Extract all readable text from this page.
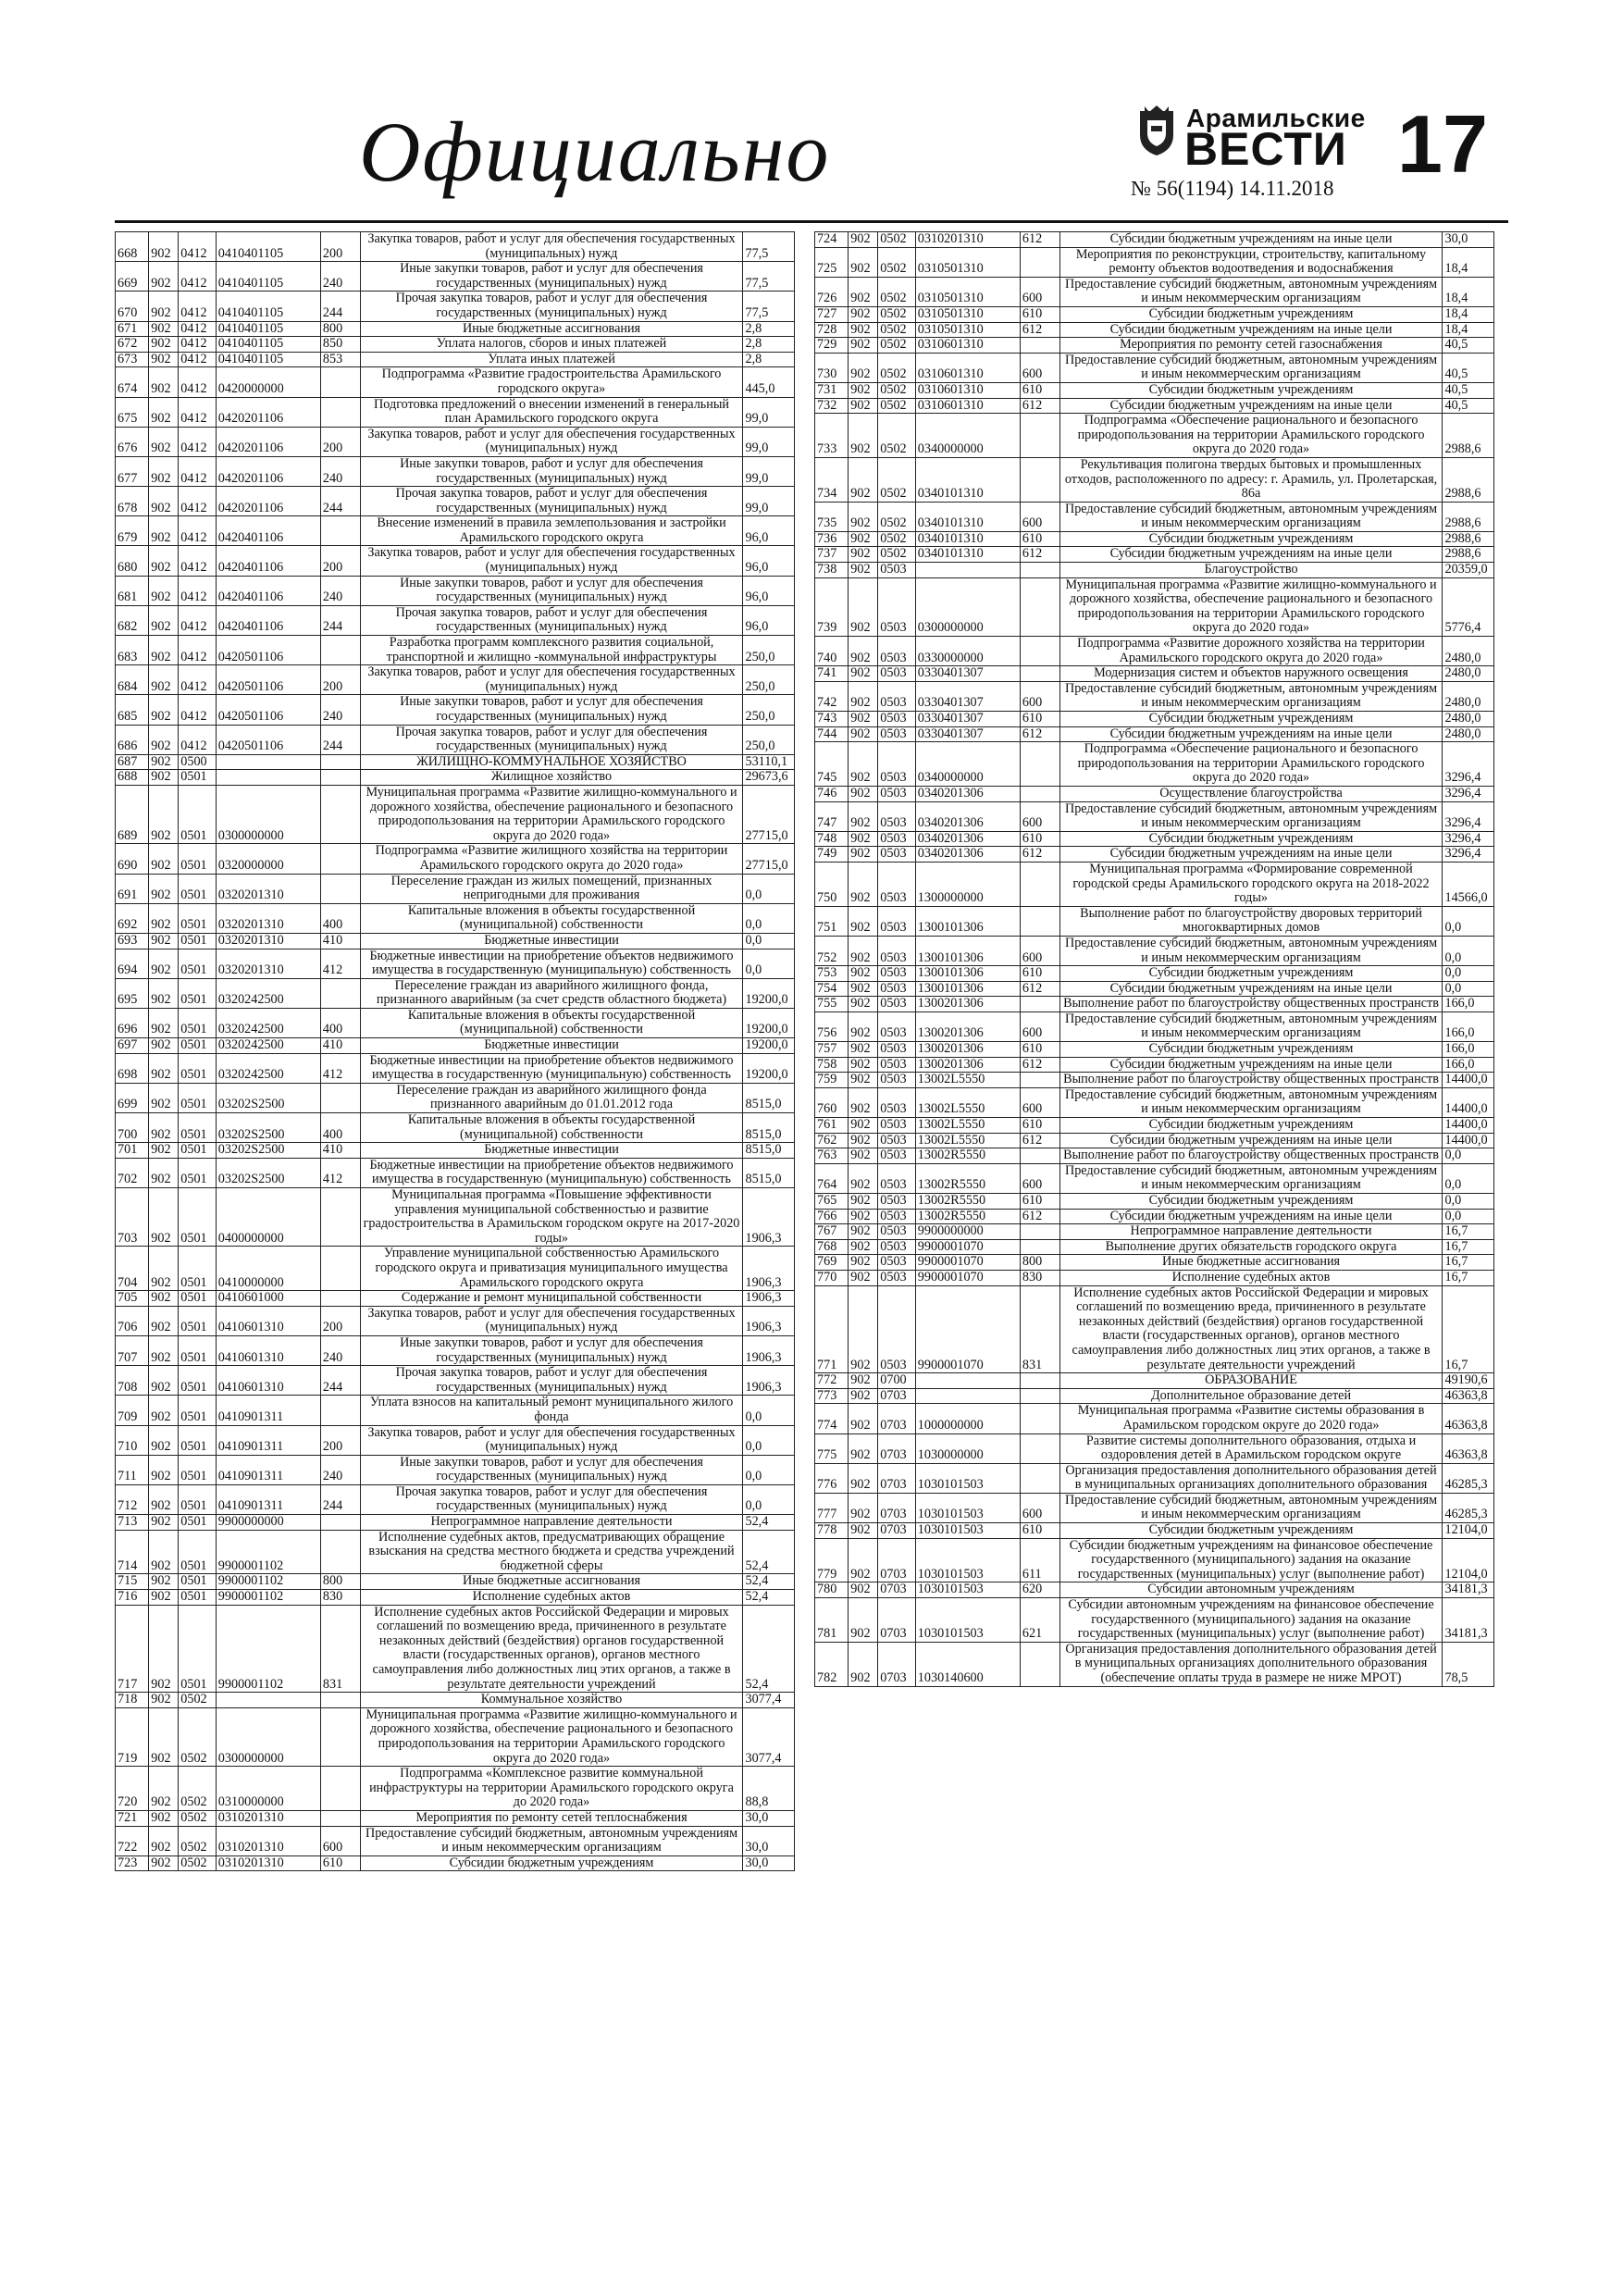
Официально	Арамильские
ВЕСТИ 17
№ 56(1194) 14.11.2018
668	902	0412	0410401105	200	Закупка товаров, работ и услуг для обеспечения государственных (муниципальных) нужд	77,5
669	902	0412	0410401105	240	Иные закупки товаров, работ и услуг для обеспечения государственных (муниципальных) нужд	77,5
670	902	0412	0410401105	244	Прочая закупка товаров, работ и услуг для обеспечения государственных (муниципальных) нужд	77,5
671	902	0412	0410401105	800	Иные бюджетные ассигнования	2,8
672	902	0412	0410401105	850	Уплата налогов, сборов и иных платежей	2,8
673	902	0412	0410401105	853	Уплата иных платежей	2,8
674	902	0412	0420000000		Подпрограмма «Развитие градостроительства Арамильского городского округа»	445,0
675	902	0412	0420201106		Подготовка предложений о внесении изменений в генеральный план Арамильского городского округа	99,0
676	902	0412	0420201106	200	Закупка товаров, работ и услуг для обеспечения государственных (муниципальных) нужд	99,0
677	902	0412	0420201106	240	Иные закупки товаров, работ и услуг для обеспечения государственных (муниципальных) нужд	99,0
678	902	0412	0420201106	244	Прочая закупка товаров, работ и услуг для обеспечения государственных (муниципальных) нужд	99,0
679	902	0412	0420401106		Внесение изменений в правила землепользования и застройки Арамильского городского округа	96,0
680	902	0412	0420401106	200	Закупка товаров, работ и услуг для обеспечения государственных (муниципальных) нужд	96,0
681	902	0412	0420401106	240	Иные закупки товаров, работ и услуг для обеспечения государственных (муниципальных) нужд	96,0
682	902	0412	0420401106	244	Прочая закупка товаров, работ и услуг для обеспечения государственных (муниципальных) нужд	96,0
683	902	0412	0420501106		Разработка программ комплексного развития социальной, транспортной и жилищно -коммунальной инфраструктуры	250,0
684	902	0412	0420501106	200	Закупка товаров, работ и услуг для обеспечения государственных (муниципальных) нужд	250,0
685	902	0412	0420501106	240	Иные закупки товаров, работ и услуг для обеспечения государственных (муниципальных) нужд	250,0
686	902	0412	0420501106	244	Прочая закупка товаров, работ и услуг для обеспечения государственных (муниципальных) нужд	250,0
687	902	0500			ЖИЛИЩНО-КОММУНАЛЬНОЕ ХОЗЯЙСТВО	53110,1
688	902	0501			Жилищное хозяйство	29673,6
689	902	0501	0300000000		Муниципальная программа «Развитие жилищно-коммунального и дорожного хозяйства, обеспечение рационального и безопасного природопользования на территории Арамильского городского округа до 2020 года»	27715,0
690	902	0501	0320000000		Подпрограмма «Развитие жилищного хозяйства на территории Арамильского городского округа до 2020 года»	27715,0
691	902	0501	0320201310		Переселение граждан из жилых помещений, признанных непригодными для проживания	0,0
692	902	0501	0320201310	400	Капитальные вложения в объекты государственной (муниципальной) собственности	0,0
693	902	0501	0320201310	410	Бюджетные инвестиции	0,0
694	902	0501	0320201310	412	Бюджетные инвестиции на приобретение объектов недвижимого имущества в государственную (муниципальную) собственность	0,0
695	902	0501	0320242500		Переселение граждан из аварийного жилищного фонда, признанного аварийным (за счет средств областного бюджета)	19200,0
696	902	0501	0320242500	400	Капитальные вложения в объекты государственной (муниципальной) собственности	19200,0
697	902	0501	0320242500	410	Бюджетные инвестиции	19200,0
698	902	0501	0320242500	412	Бюджетные инвестиции на приобретение объектов недвижимого имущества в государственную (муниципальную) собственность	19200,0
699	902	0501	03202S2500		Переселение граждан из аварийного жилищного фонда признанного аварийным до 01.01.2012 года	8515,0
700	902	0501	03202S2500	400	Капитальные вложения в объекты государственной (муниципальной) собственности	8515,0
701	902	0501	03202S2500	410	Бюджетные инвестиции	8515,0
702	902	0501	03202S2500	412	Бюджетные инвестиции на приобретение объектов недвижимого имущества в государственную (муниципальную) собственность	8515,0
703	902	0501	0400000000		Муниципальная программа «Повышение эффективности управления муниципальной собственностью и развитие градостроительства в Арамильском городском округе на 2017-2020 годы»	1906,3
704	902	0501	0410000000		Управление муниципальной собственностью Арамильского городского округа и приватизация муниципального имущества Арамильского городского округа	1906,3
705	902	0501	0410601000		Содержание и ремонт муниципальной собственности	1906,3
706	902	0501	0410601310	200	Закупка товаров, работ и услуг для обеспечения государственных (муниципальных) нужд	1906,3
707	902	0501	0410601310	240	Иные закупки товаров, работ и услуг для обеспечения государственных (муниципальных) нужд	1906,3
708	902	0501	0410601310	244	Прочая закупка товаров, работ и услуг для обеспечения государственных (муниципальных) нужд	1906,3
709	902	0501	0410901311		Уплата взносов на капитальный ремонт муниципального жилого фонда	0,0
710	902	0501	0410901311	200	Закупка товаров, работ и услуг для обеспечения государственных (муниципальных) нужд	0,0
711	902	0501	0410901311	240	Иные закупки товаров, работ и услуг для обеспечения государственных (муниципальных) нужд	0,0
712	902	0501	0410901311	244	Прочая закупка товаров, работ и услуг для обеспечения государственных (муниципальных) нужд	0,0
713	902	0501	9900000000		Непрограммное направление деятельности	52,4
714	902	0501	9900001102		Исполнение судебных актов, предусматривающих обращение взыскания на средства местного бюджета и средства учреждений бюджетной сферы	52,4
715	902	0501	9900001102	800	Иные бюджетные ассигнования	52,4
716	902	0501	9900001102	830	Исполнение судебных актов	52,4
717	902	0501	9900001102	831	Исполнение судебных актов Российской Федерации и мировых соглашений по возмещению вреда, причиненного в результате незаконных действий (бездействия) органов государственной власти (государственных органов), органов местного самоуправления либо должностных лиц этих органов, а также в результате деятельности учреждений	52,4
718	902	0502			Коммунальное хозяйство	3077,4
719	902	0502	0300000000		Муниципальная программа «Развитие жилищно-коммунального и дорожного хозяйства, обеспечение рационального и безопасного природопользования на территории Арамильского городского округа до 2020 года»	3077,4
720	902	0502	0310000000		Подпрограмма «Комплексное развитие коммунальной инфраструктуры на территории Арамильского городского округа до 2020 года»	88,8
721	902	0502	0310201310		Мероприятия по ремонту сетей теплоснабжения	30,0
722	902	0502	0310201310	600	Предоставление субсидий бюджетным, автономным учреждениям и иным некоммерческим организациям	30,0
723	902	0502	0310201310	610	Субсидии бюджетным учреждениям	30,0
724	902	0502	0310201310	612	Субсидии бюджетным учреждениям на иные цели	30,0
725	902	0502	0310501310		Мероприятия по реконструкции, строительству, капитальному ремонту объектов водоотведения и водоснабжения	18,4
726	902	0502	0310501310	600	Предоставление субсидий бюджетным, автономным учреждениям и иным некоммерческим организациям	18,4
727	902	0502	0310501310	610	Субсидии бюджетным учреждениям	18,4
728	902	0502	0310501310	612	Субсидии бюджетным учреждениям на иные цели	18,4
729	902	0502	0310601310		Мероприятия по ремонту сетей газоснабжения	40,5
730	902	0502	0310601310	600	Предоставление субсидий бюджетным, автономным учреждениям и иным некоммерческим организациям	40,5
731	902	0502	0310601310	610	Субсидии бюджетным учреждениям	40,5
732	902	0502	0310601310	612	Субсидии бюджетным учреждениям на иные цели	40,5
733	902	0502	0340000000		Подпрограмма «Обеспечение рационального и безопасного природопользования на территории Арамильского городского округа до 2020 года»	2988,6
734	902	0502	0340101310		Рекультивация полигона твердых бытовых и промышленных отходов, расположенного по адресу: г. Арамиль, ул. Пролетарская, 86а	2988,6
735	902	0502	0340101310	600	Предоставление субсидий бюджетным, автономным учреждениям и иным некоммерческим организациям	2988,6
736	902	0502	0340101310	610	Субсидии бюджетным учреждениям	2988,6
737	902	0502	0340101310	612	Субсидии бюджетным учреждениям на иные цели	2988,6
738	902	0503			Благоустройство	20359,0
739	902	0503	0300000000		Муниципальная программа «Развитие жилищно-коммунального и дорожного хозяйства, обеспечение рационального и безопасного природопользования на территории Арамильского городского округа до 2020 года»	5776,4
740	902	0503	0330000000		Подпрограмма «Развитие дорожного хозяйства на территории Арамильского городского округа до 2020 года»	2480,0
741	902	0503	0330401307		Модернизация систем и объектов наружного освещения	2480,0
742	902	0503	0330401307	600	Предоставление субсидий бюджетным, автономным учреждениям и иным некоммерческим организациям	2480,0
743	902	0503	0330401307	610	Субсидии бюджетным учреждениям	2480,0
744	902	0503	0330401307	612	Субсидии бюджетным учреждениям на иные цели	2480,0
745	902	0503	0340000000		Подпрограмма «Обеспечение рационального и безопасного природопользования на территории Арамильского городского округа до 2020 года»	3296,4
746	902	0503	0340201306		Осуществление благоустройства	3296,4
747	902	0503	0340201306	600	Предоставление субсидий бюджетным, автономным учреждениям и иным некоммерческим организациям	3296,4
748	902	0503	0340201306	610	Субсидии бюджетным учреждениям	3296,4
749	902	0503	0340201306	612	Субсидии бюджетным учреждениям на иные цели	3296,4
750	902	0503	1300000000		Муниципальная программа «Формирование современной городской среды Арамильского городского округа на 2018-2022 годы»	14566,0
751	902	0503	1300101306		Выполнение работ по благоустройству дворовых территорий многоквартирных домов	0,0
752	902	0503	1300101306	600	Предоставление субсидий бюджетным, автономным учреждениям и иным некоммерческим организациям	0,0
753	902	0503	1300101306	610	Субсидии бюджетным учреждениям	0,0
754	902	0503	1300101306	612	Субсидии бюджетным учреждениям на иные цели	0,0
755	902	0503	1300201306		Выполнение работ по благоустройству общественных пространств	166,0
756	902	0503	1300201306	600	Предоставление субсидий бюджетным, автономным учреждениям и иным некоммерческим организациям	166,0
757	902	0503	1300201306	610	Субсидии бюджетным учреждениям	166,0
758	902	0503	1300201306	612	Субсидии бюджетным учреждениям на иные цели	166,0
759	902	0503	13002L5550		Выполнение работ по благоустройству общественных пространств	14400,0
760	902	0503	13002L5550	600	Предоставление субсидий бюджетным, автономным учреждениям и иным некоммерческим организациям	14400,0
761	902	0503	13002L5550	610	Субсидии бюджетным учреждениям	14400,0
762	902	0503	13002L5550	612	Субсидии бюджетным учреждениям на иные цели	14400,0
763	902	0503	13002R5550		Выполнение работ по благоустройству общественных пространств	0,0
764	902	0503	13002R5550	600	Предоставление субсидий бюджетным, автономным учреждениям и иным некоммерческим организациям	0,0
765	902	0503	13002R5550	610	Субсидии бюджетным учреждениям	0,0
766	902	0503	13002R5550	612	Субсидии бюджетным учреждениям на иные цели	0,0
767	902	0503	9900000000		Непрограммное направление деятельности	16,7
768	902	0503	9900001070		Выполнение других обязательств городского округа	16,7
769	902	0503	9900001070	800	Иные бюджетные ассигнования	16,7
770	902	0503	9900001070	830	Исполнение судебных актов	16,7
771	902	0503	9900001070	831	Исполнение судебных актов Российской Федерации и мировых соглашений по возмещению вреда, причиненного в результате незаконных действий (бездействия) органов государственной власти (государственных органов), органов местного самоуправления либо должностных лиц этих органов, а также в результате деятельности учреждений	16,7
772	902	0700			ОБРАЗОВАНИЕ	49190,6
773	902	0703			Дополнительное образование детей	46363,8
774	902	0703	1000000000		Муниципальная программа «Развитие системы образования в Арамильском городском округе до 2020 года»	46363,8
775	902	0703	1030000000		Развитие системы дополнительного образования, отдыха и оздоровления детей в Арамильском городском округе	46363,8
776	902	0703	1030101503		Организация предоставления дополнительного образования детей в муниципальных организациях дополнительного образования	46285,3
777	902	0703	1030101503	600	Предоставление субсидий бюджетным, автономным учреждениям и иным некоммерческим организациям	46285,3
778	902	0703	1030101503	610	Субсидии бюджетным учреждениям	12104,0
779	902	0703	1030101503	611	Субсидии бюджетным учреждениям на финансовое обеспечение государственного (муниципального) задания на оказание государственных (муниципальных) услуг (выполнение работ)	12104,0
780	902	0703	1030101503	620	Субсидии автономным учреждениям	34181,3
781	902	0703	1030101503	621	Субсидии автономным учреждениям на финансовое обеспечение государственного (муниципального) задания на оказание государственных (муниципальных) услуг (выполнение работ)	34181,3
782	902	0703	1030140600		Организация предоставления дополнительного образования детей в муниципальных организациях дополнительного образования (обеспечение оплаты труда в размере не ниже МРОТ)	78,5
